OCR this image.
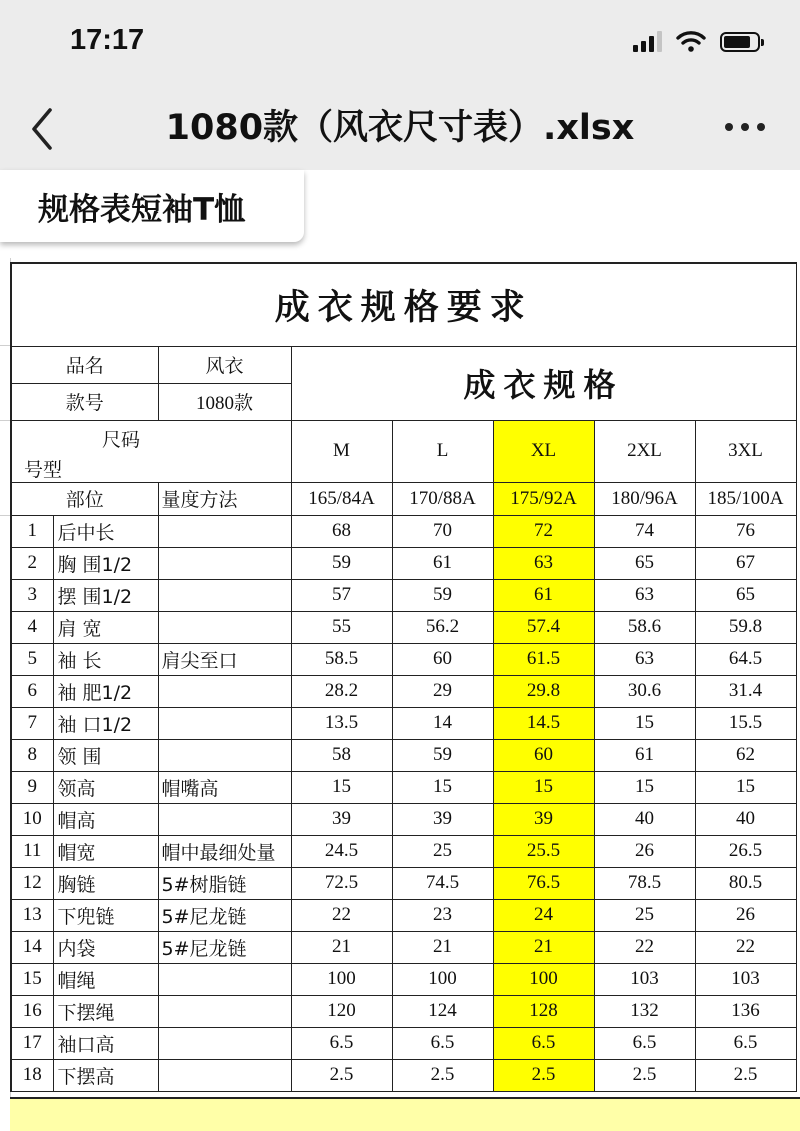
17:17
1080款（风衣尺寸表）.xlsx
规格表短袖T恤
成衣规格要求							
品名		风衣	成衣规格				
款号		1080款					

尺码
号型			M	L	XL	2XL	3XL
部位		量度方法	165/84A	170/88A	175/92A	180/96A	185/100A
1	后中长		68	70	72	74	76
2	胸 围1/2		59	61	63	65	67
3	摆 围1/2		57	59	61	63	65
4	肩 宽		55	56.2	57.4	58.6	59.8
5	袖 长	肩尖至口	58.5	60	61.5	63	64.5
6	袖 肥1/2		28.2	29	29.8	30.6	31.4
7	袖 口1/2		13.5	14	14.5	15	15.5
8	领 围		58	59	60	61	62
9	领高	帽嘴高	15	15	15	15	15
10	帽高		39	39	39	40	40
11	帽宽	帽中最细处量	24.5	25	25.5	26	26.5
12	胸链	5#树脂链	72.5	74.5	76.5	78.5	80.5
13	下兜链	5#尼龙链	22	23	24	25	26
14	内袋	5#尼龙链	21	21	21	22	22
15	帽绳		100	100	100	103	103
16	下摆绳		120	124	128	132	136
17	袖口高		6.5	6.5	6.5	6.5	6.5
18	下摆高		2.5	2.5	2.5	2.5	2.5
